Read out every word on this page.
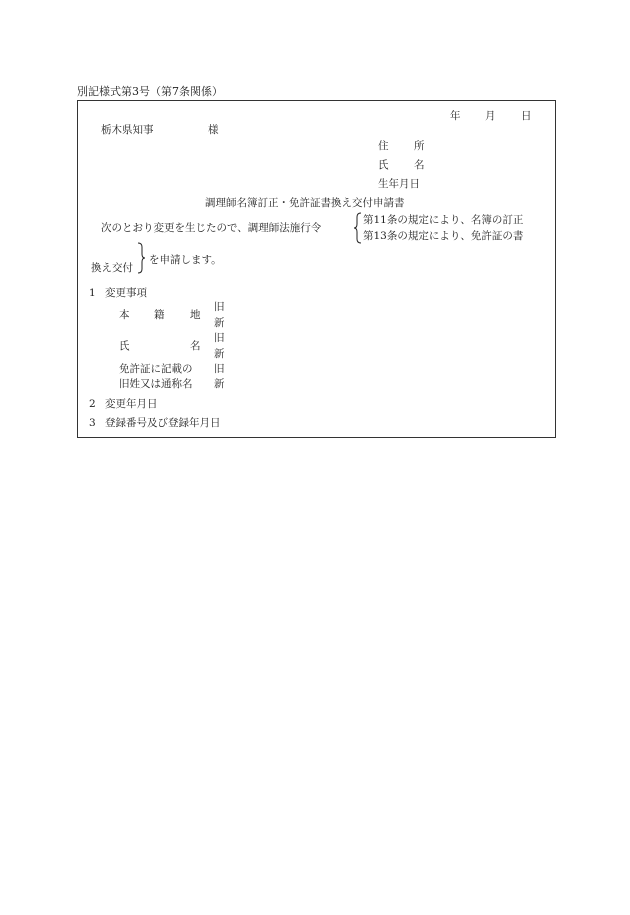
別記様式第3号（第7条関係）
年 月 日
栃木県知事	様
住 所
氏 名
生年月日
調理師名簿訂正・免許証書換え交付申請書
次のとおり変更を生じたので、調理師法施行令
第11条の規定により、名簿の訂正
第13条の規定により、免許証の書
換え交付
を申請します。
1 変更事項
本 籍 地
旧
新
氏	名
旧
新
免許証に記載の
旧姓又は通称名
旧
新
2 変更年月日
3 登録番号及び登録年月日
